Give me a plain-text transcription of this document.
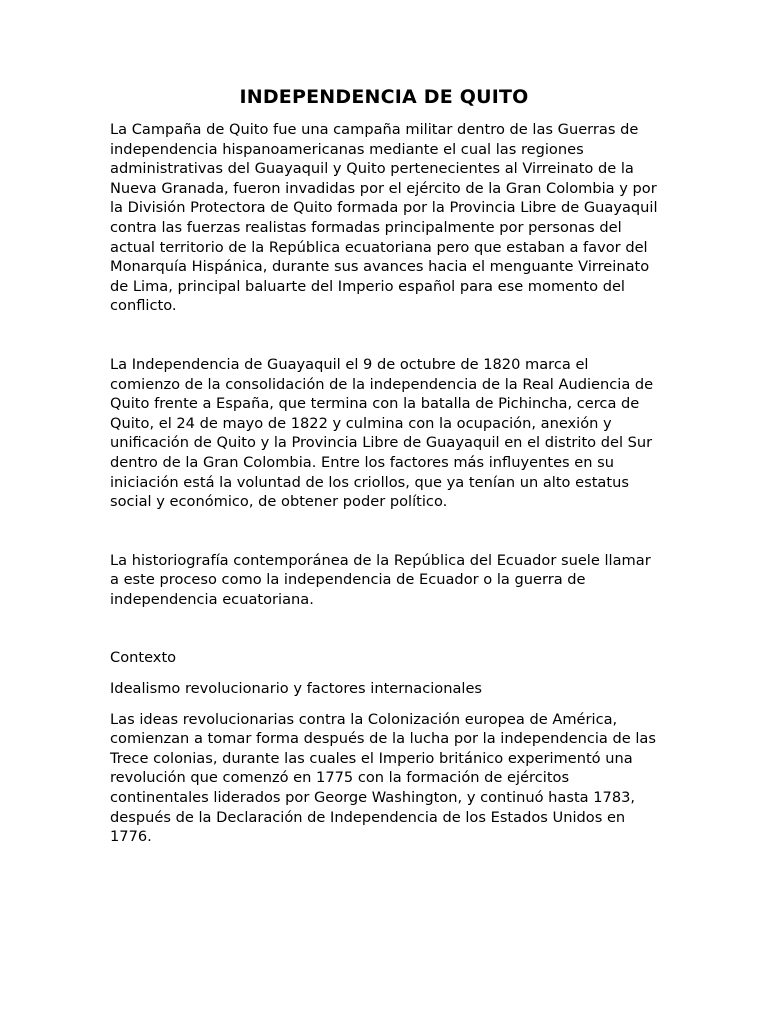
INDEPENDENCIA DE QUITO

La Campaña de Quito fue una campaña militar dentro de las Guerras de independencia hispanoamericanas mediante el cual las regiones administrativas del Guayaquil y Quito pertenecientes al Virreinato de la Nueva Granada, fueron invadidas por el ejército de la Gran Colombia y por la División Protectora de Quito formada por la Provincia Libre de Guayaquil contra las fuerzas realistas formadas principalmente por personas del actual territorio de la República ecuatoriana pero que estaban a favor del Monarquía Hispánica, durante sus avances hacia el menguante Virreinato de Lima, principal baluarte del Imperio español para ese momento del conflicto.

La Independencia de Guayaquil el 9 de octubre de 1820 marca el comienzo de la consolidación de la independencia de la Real Audiencia de Quito frente a España, que termina con la batalla de Pichincha, cerca de Quito, el 24 de mayo de 1822 y culmina con la ocupación, anexión y unificación de Quito y la Provincia Libre de Guayaquil en el distrito del Sur dentro de la Gran Colombia. Entre los factores más influyentes en su iniciación está la voluntad de los criollos, que ya tenían un alto estatus social y económico, de obtener poder político.

La historiografía contemporánea de la República del Ecuador suele llamar a este proceso como la independencia de Ecuador o la guerra de independencia ecuatoriana.

Contexto

Idealismo revolucionario y factores internacionales

Las ideas revolucionarias contra la Colonización europea de América, comienzan a tomar forma después de la lucha por la independencia de las Trece colonias, durante las cuales el Imperio británico experimentó una revolución que comenzó en 1775 con la formación de ejércitos continentales liderados por George Washington, y continuó hasta 1783, después de la Declaración de Independencia de los Estados Unidos en 1776.
